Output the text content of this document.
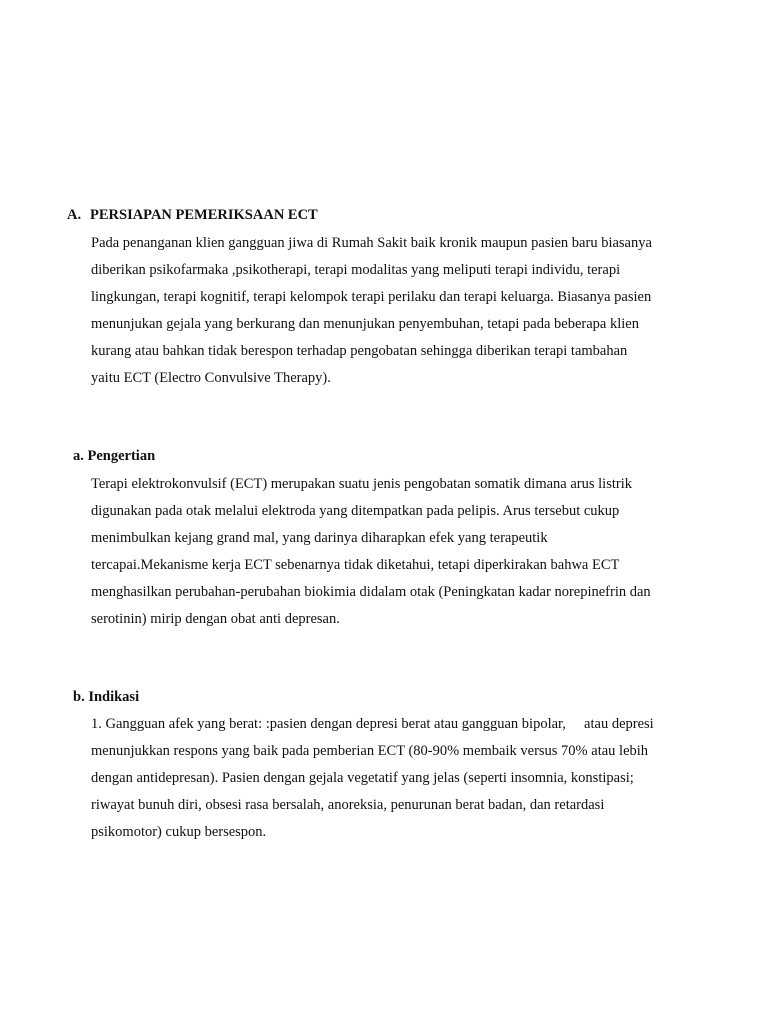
A. PERSIAPAN PEMERIKSAAN ECT
Pada penanganan klien gangguan jiwa di Rumah Sakit baik kronik maupun pasien baru biasanya
diberikan psikofarmaka ,psikotherapi, terapi modalitas yang meliputi terapi individu, terapi
lingkungan, terapi kognitif, terapi kelompok terapi perilaku dan terapi keluarga. Biasanya pasien
menunjukan gejala yang berkurang dan menunjukan penyembuhan, tetapi pada beberapa klien
kurang atau bahkan tidak berespon terhadap pengobatan sehingga diberikan terapi tambahan
yaitu ECT (Electro Convulsive Therapy).
a. Pengertian
Terapi elektrokonvulsif (ECT) merupakan suatu jenis pengobatan somatik dimana arus listrik
digunakan pada otak melalui elektroda yang ditempatkan pada pelipis. Arus tersebut cukup
menimbulkan kejang grand mal, yang darinya diharapkan efek yang terapeutik
tercapai.Mekanisme kerja ECT sebenarnya tidak diketahui, tetapi diperkirakan bahwa ECT
menghasilkan perubahan-perubahan biokimia didalam otak (Peningkatan kadar norepinefrin dan
serotinin) mirip dengan obat anti depresan.
b. Indikasi
1. Gangguan afek yang berat: :pasien dengan depresi berat atau gangguan bipolar,     atau depresi
menunjukkan respons yang baik pada pemberian ECT (80-90% membaik versus 70% atau lebih
dengan antidepresan). Pasien dengan gejala vegetatif yang jelas (seperti insomnia, konstipasi;
riwayat bunuh diri, obsesi rasa bersalah, anoreksia, penurunan berat badan, dan retardasi
psikomotor) cukup bersespon.
